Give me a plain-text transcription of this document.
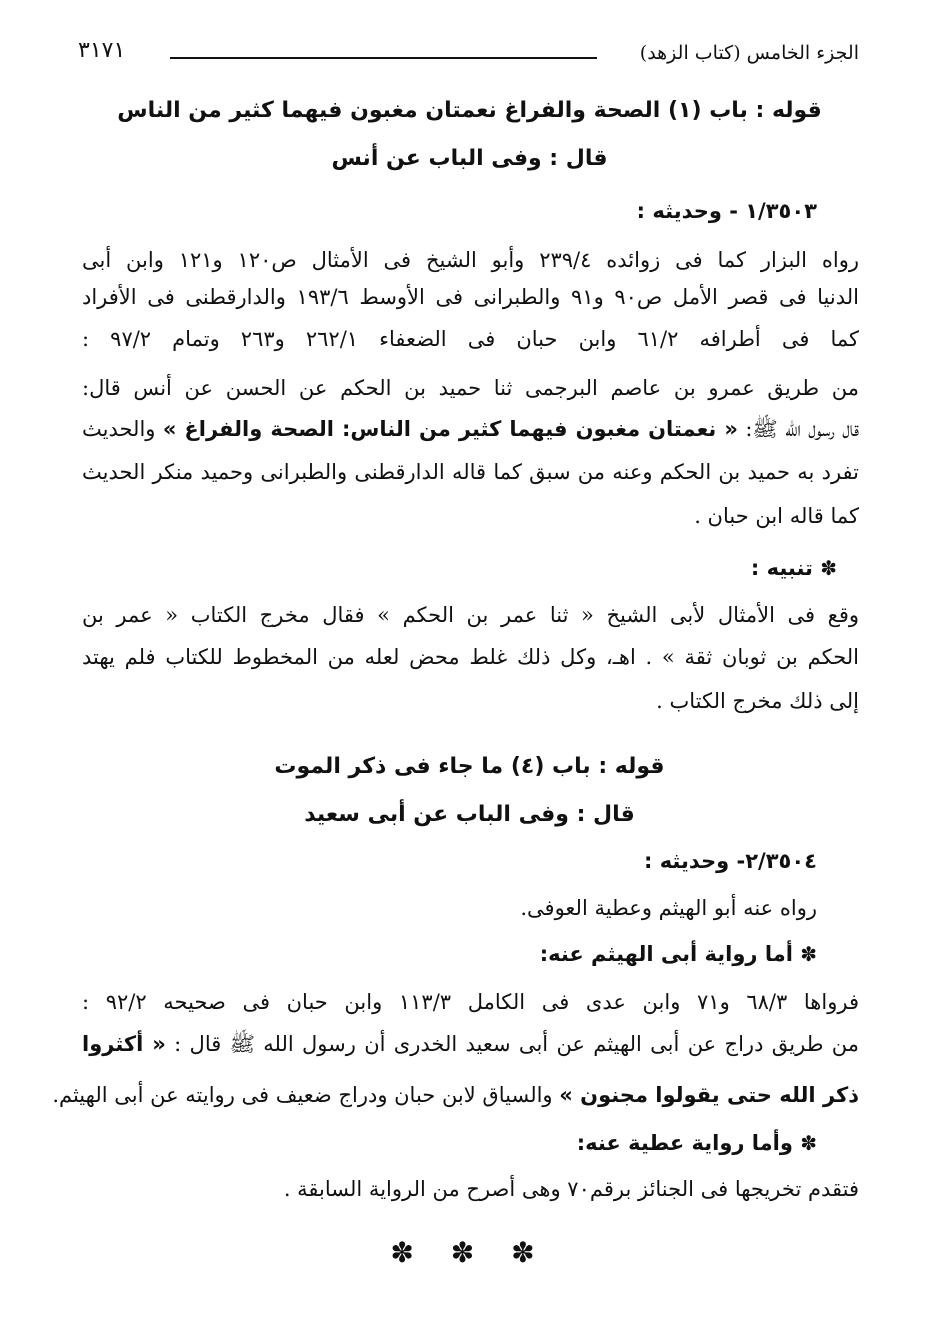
الجزء الخامس (كتاب الزهد)
٣١٧١
قوله : باب (١) الصحة والفراغ نعمتان مغبون فيهما كثير من الناس
قال : وفى الباب عن أنس
١/٣٥٠٣ - وحديثه :
رواه البزار كما فى زوائده ٢٣٩/٤ وأبو الشيخ فى الأمثال ص١٢٠ و١٢١ وابن أبى
الدنيا فى قصر الأمل ص٩٠ و٩١ والطبرانى فى الأوسط ١٩٣/٦ والدارقطنى فى الأفراد
كما فى أطرافه ٦١/٢ وابن حبان فى الضعفاء ٢٦٢/١ و٢٦٣ وتمام ٩٧/٢ :
من طريق عمرو بن عاصم البرجمى ثنا حميد بن الحكم عن الحسن عن أنس قال:
قال رسول الله ﷺ: « نعمتان مغبون فيهما كثير من الناس: الصحة والفراغ » والحديث
تفرد به حميد بن الحكم وعنه من سبق كما قاله الدارقطنى والطبرانى وحميد منكر الحديث
كما قاله ابن حبان .
✽ تنبيه :
وقع فى الأمثال لأبى الشيخ « ثنا عمر بن الحكم » فقال مخرج الكتاب « عمر بن
الحكم بن ثوبان ثقة » . اهـ، وكل ذلك غلط محض لعله من المخطوط للكتاب فلم يهتد
إلى ذلك مخرج الكتاب .
قوله : باب (٤) ما جاء فى ذكر الموت
قال : وفى الباب عن أبى سعيد
٢/٣٥٠٤- وحديثه :
رواه عنه أبو الهيثم وعطية العوفى.
✽ أما رواية أبى الهيثم عنه:
فرواها ٦٨/٣ و٧١ وابن عدى فى الكامل ١١٣/٣ وابن حبان فى صحيحه ٩٢/٢ :
من طريق دراج عن أبى الهيثم عن أبى سعيد الخدرى أن رسول الله ﷺ قال : « أكثروا
ذكر الله حتى يقولوا مجنون » والسياق لابن حبان ودراج ضعيف فى روايته عن أبى الهيثم.
✽ وأما رواية عطية عنه:
فتقدم تخريجها فى الجنائز برقم٧٠ وهى أصرح من الرواية السابقة .
✽ ✽ ✽
